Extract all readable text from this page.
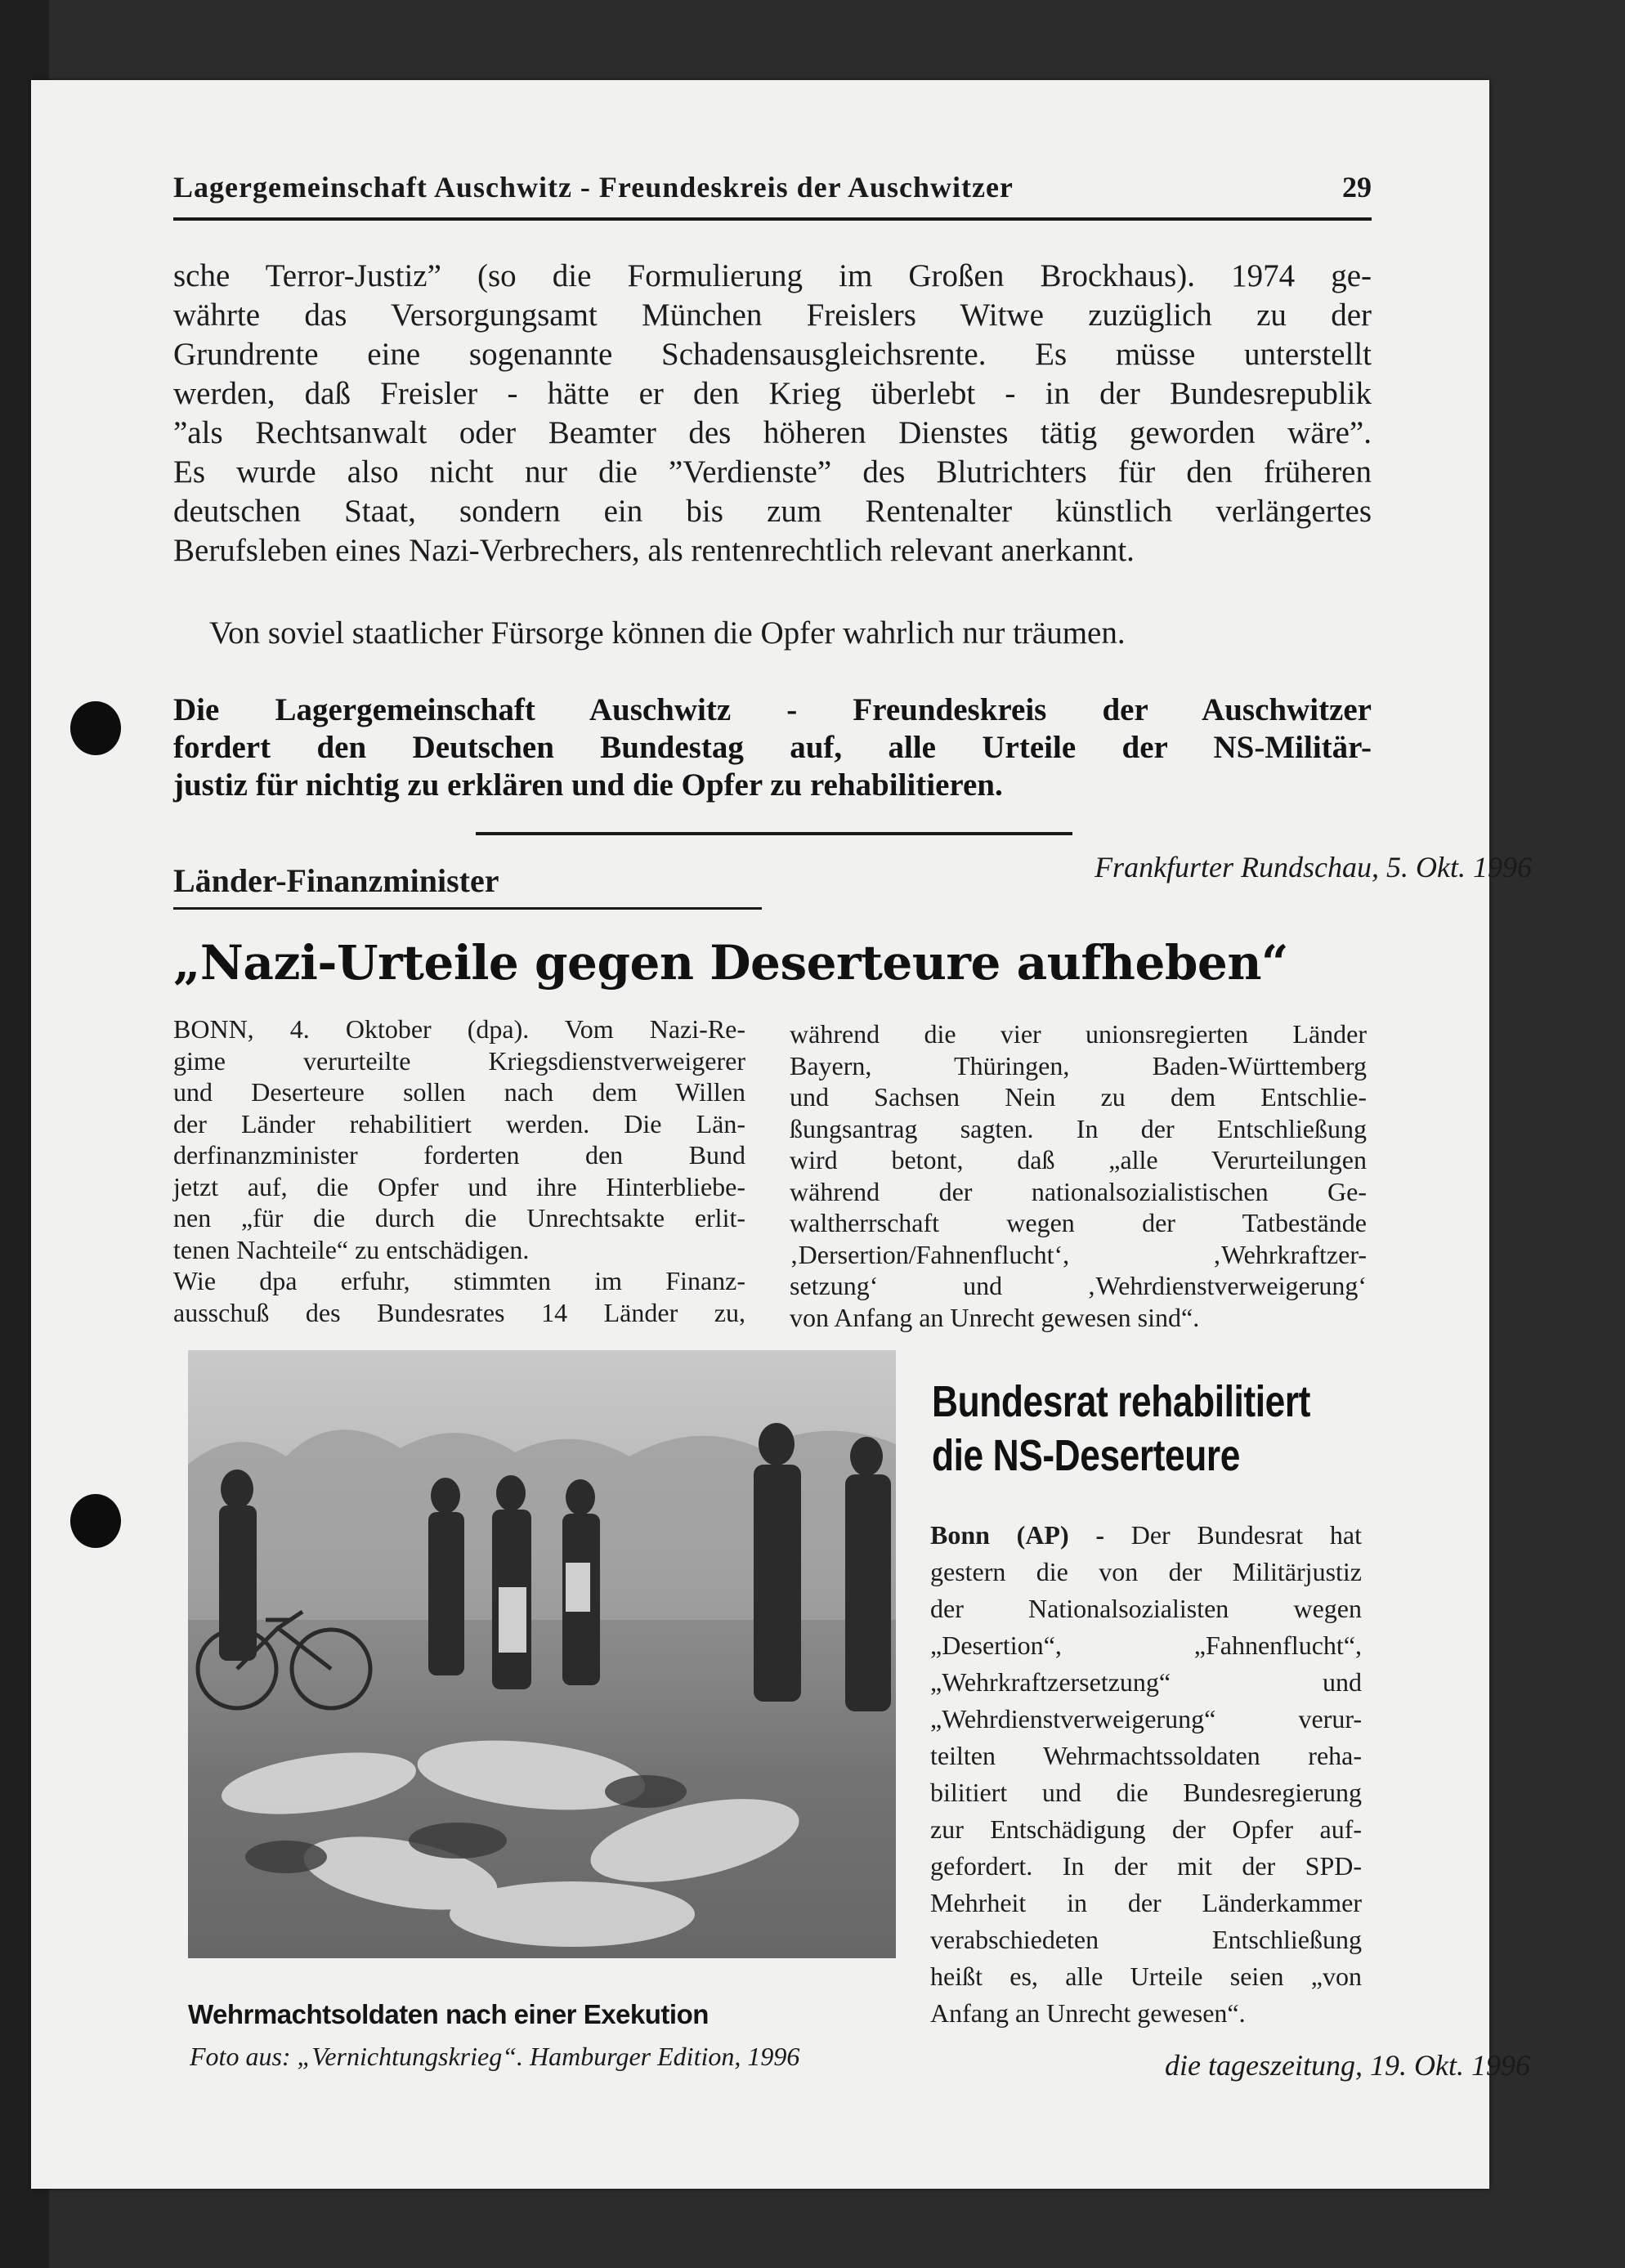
Lagergemeinschaft Auschwitz - Freundeskreis der Auschwitzer	29
sche Terror-Justiz” (so die Formulierung im Großen Brockhaus). 1974 ge-
währte das Versorgungsamt München Freislers Witwe zuzüglich zu der
Grundrente eine sogenannte Schadensausgleichsrente. Es müsse unterstellt
werden, daß Freisler - hätte er den Krieg überlebt - in der Bundesrepublik
”als Rechtsanwalt oder Beamter des höheren Dienstes tätig geworden wäre”.
Es wurde also nicht nur die ”Verdienste” des Blutrichters für den früheren
deutschen Staat, sondern ein bis zum Rentenalter künstlich verlängertes
Berufsleben eines Nazi-Verbrechers, als rentenrechtlich relevant anerkannt.
Von soviel staatlicher Fürsorge können die Opfer wahrlich nur träumen.
Die Lagergemeinschaft Auschwitz - Freundeskreis der Auschwitzer
fordert den Deutschen Bundestag auf, alle Urteile der NS-Militär-
justiz für nichtig zu erklären und die Opfer zu rehabilitieren.
Länder-Finanzminister	Frankfurter Rundschau, 5. Okt. 1996
„Nazi-Urteile gegen Deserteure aufheben“
BONN, 4. Oktober (dpa). Vom Nazi-Re-
gime verurteilte Kriegsdienstverweigerer
und Deserteure sollen nach dem Willen
der Länder rehabilitiert werden. Die Län-
derfinanzminister forderten den Bund
jetzt auf, die Opfer und ihre Hinterbliebe-
nen „für die durch die Unrechtsakte erlit-
tenen Nachteile“ zu entschädigen.
Wie dpa erfuhr, stimmten im Finanz-
ausschuß des Bundesrates 14 Länder zu,
während die vier unionsregierten Länder
Bayern, Thüringen, Baden-Württemberg
und Sachsen Nein zu dem Entschlie-
ßungsantrag sagten. In der Entschließung
wird betont, daß „alle Verurteilungen
während der nationalsozialistischen Ge-
waltherrschaft wegen der Tatbestände
‚Dersertion/Fahnenflucht‘, ‚Wehrkraftzer-
setzung‘ und ‚Wehrdienstverweigerung‘
von Anfang an Unrecht gewesen sind“.
Wehrmachtsoldaten nach einer Exekution
Foto aus: „Vernichtungskrieg“. Hamburger Edition, 1996
Bundesrat rehabilitiert
die NS-Deserteure
Bonn (AP) - Der Bundesrat hat
gestern die von der Militärjustiz
der Nationalsozialisten wegen
„Desertion“, „Fahnenflucht“,
„Wehrkraftzersetzung“ und
„Wehrdienstverweigerung“ verur-
teilten Wehrmachtssoldaten reha-
bilitiert und die Bundesregierung
zur Entschädigung der Opfer auf-
gefordert. In der mit der SPD-
Mehrheit in der Länderkammer
verabschiedeten Entschließung
heißt es, alle Urteile seien „von
Anfang an Unrecht gewesen“.
die tageszeitung, 19. Okt. 1996
